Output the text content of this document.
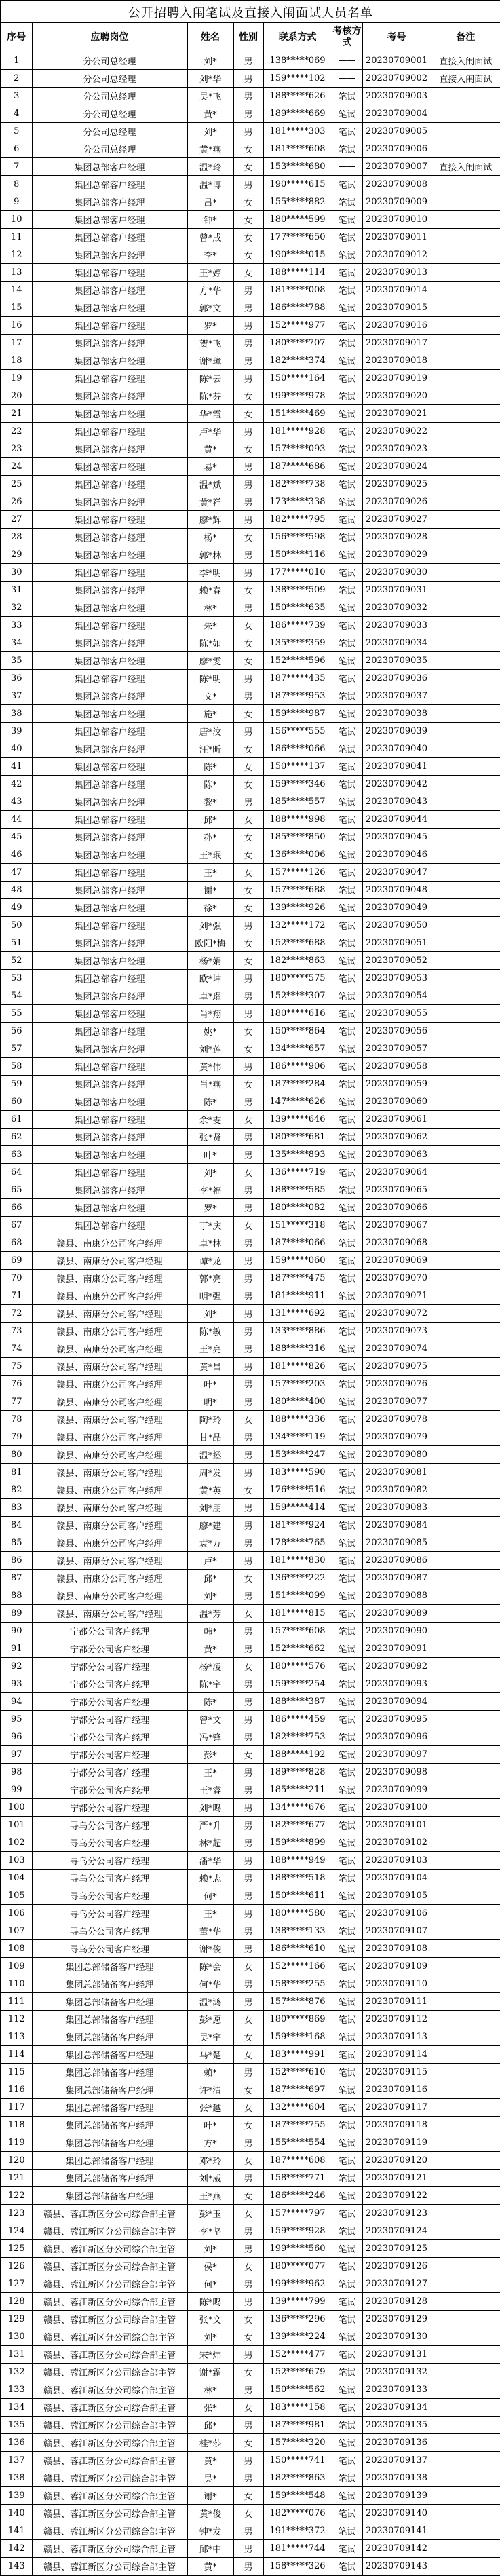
公开招聘入闱笔试及直接入闱面试人员名单							
序号	应聘岗位	姓名	性别	联系方式	考核方式	考号	备注
1	分公司总经理	刘*	男	138*****069	——	20230709001	直接入闱面试
2	分公司总经理	刘*华	男	159*****102	——	20230709002	直接入闱面试
3	分公司总经理	吴*飞	男	188*****626	笔试	20230709003	
4	分公司总经理	黄*	男	189*****669	笔试	20230709004	
5	分公司总经理	刘*	男	181*****303	笔试	20230709005	
6	分公司总经理	黄*燕	女	181*****608	笔试	20230709006	
7	集团总部客户经理	温*玲	女	153*****680	——	20230709007	直接入闱面试
8	集团总部客户经理	温*博	男	190*****615	笔试	20230709008	
9	集团总部客户经理	吕*	女	155*****882	笔试	20230709009	
10	集团总部客户经理	钟*	女	180*****599	笔试	20230709010	
11	集团总部客户经理	曾*成	女	177*****650	笔试	20230709011	
12	集团总部客户经理	李*	女	190*****015	笔试	20230709012	
13	集团总部客户经理	王*婷	女	188*****114	笔试	20230709013	
14	集团总部客户经理	方*华	男	181*****008	笔试	20230709014	
15	集团总部客户经理	郭*文	男	186*****788	笔试	20230709015	
16	集团总部客户经理	罗*	男	152*****977	笔试	20230709016	
17	集团总部客户经理	贺*飞	男	180*****707	笔试	20230709017	
18	集团总部客户经理	谢*璋	男	182*****374	笔试	20230709018	
19	集团总部客户经理	陈*云	男	150*****164	笔试	20230709019	
20	集团总部客户经理	陈*芬	女	199*****978	笔试	20230709020	
21	集团总部客户经理	华*霞	女	151*****469	笔试	20230709021	
22	集团总部客户经理	卢*华	男	181*****928	笔试	20230709022	
23	集团总部客户经理	黄*	女	157*****093	笔试	20230709023	
24	集团总部客户经理	易*	男	187*****686	笔试	20230709024	
25	集团总部客户经理	温*斌	男	182*****738	笔试	20230709025	
26	集团总部客户经理	黄*祥	男	173*****338	笔试	20230709026	
27	集团总部客户经理	廖*辉	男	182*****795	笔试	20230709027	
28	集团总部客户经理	杨*	女	156*****598	笔试	20230709028	
29	集团总部客户经理	郭*林	男	150*****116	笔试	20230709029	
30	集团总部客户经理	李*明	男	177*****010	笔试	20230709030	
31	集团总部客户经理	赖*春	女	138*****509	笔试	20230709031	
32	集团总部客户经理	林*	男	150*****635	笔试	20230709032	
33	集团总部客户经理	朱*	女	186*****739	笔试	20230709033	
34	集团总部客户经理	陈*如	女	135*****359	笔试	20230709034	
35	集团总部客户经理	廖*雯	女	152*****596	笔试	20230709035	
36	集团总部客户经理	陈*明	男	187*****435	笔试	20230709036	
37	集团总部客户经理	文*	男	187*****953	笔试	20230709037	
38	集团总部客户经理	施*	女	159*****987	笔试	20230709038	
39	集团总部客户经理	唐*汶	男	156*****555	笔试	20230709039	
40	集团总部客户经理	汪*昕	女	186*****066	笔试	20230709040	
41	集团总部客户经理	陈*	女	150*****137	笔试	20230709041	
42	集团总部客户经理	陈*	女	159*****346	笔试	20230709042	
43	集团总部客户经理	黎*	男	185*****557	笔试	20230709043	
44	集团总部客户经理	邱*	女	188*****998	笔试	20230709044	
45	集团总部客户经理	孙*	女	185*****850	笔试	20230709045	
46	集团总部客户经理	王*珉	女	136*****006	笔试	20230709046	
47	集团总部客户经理	王*	女	157*****126	笔试	20230709047	
48	集团总部客户经理	谢*	女	157*****688	笔试	20230709048	
49	集团总部客户经理	徐*	女	139*****926	笔试	20230709049	
50	集团总部客户经理	刘*强	男	132*****172	笔试	20230709050	
51	集团总部客户经理	欧阳*梅	女	152*****688	笔试	20230709051	
52	集团总部客户经理	杨*娟	女	182*****863	笔试	20230709052	
53	集团总部客户经理	欧*坤	男	180*****575	笔试	20230709053	
54	集团总部客户经理	卓*璟	男	152*****307	笔试	20230709054	
55	集团总部客户经理	肖*翔	男	180*****616	笔试	20230709055	
56	集团总部客户经理	姚*	女	150*****864	笔试	20230709056	
57	集团总部客户经理	刘*莲	女	134*****657	笔试	20230709057	
58	集团总部客户经理	黄*伟	男	186*****906	笔试	20230709058	
59	集团总部客户经理	肖*燕	女	187*****284	笔试	20230709059	
60	集团总部客户经理	陈*	男	147*****626	笔试	20230709060	
61	集团总部客户经理	余*雯	女	139*****646	笔试	20230709061	
62	集团总部客户经理	张*贤	男	180*****681	笔试	20230709062	
63	集团总部客户经理	叶*	男	135*****893	笔试	20230709063	
64	集团总部客户经理	刘*	女	136*****719	笔试	20230709064	
65	集团总部客户经理	李*福	男	188*****585	笔试	20230709065	
66	集团总部客户经理	罗*	男	180*****082	笔试	20230709066	
67	集团总部客户经理	丁*庆	女	151*****318	笔试	20230709067	
68	赣县、南康分公司客户经理	卓*林	男	187*****066	笔试	20230709068	
69	赣县、南康分公司客户经理	谭*龙	男	159*****060	笔试	20230709069	
70	赣县、南康分公司客户经理	郭*亮	男	187*****475	笔试	20230709070	
71	赣县、南康分公司客户经理	明*强	男	181*****911	笔试	20230709071	
72	赣县、南康分公司客户经理	刘*	男	131*****692	笔试	20230709072	
73	赣县、南康分公司客户经理	陈*敏	男	133*****886	笔试	20230709073	
74	赣县、南康分公司客户经理	王*亮	男	188*****316	笔试	20230709074	
75	赣县、南康分公司客户经理	黄*昌	男	181*****826	笔试	20230709075	
76	赣县、南康分公司客户经理	叶*	男	157*****203	笔试	20230709076	
77	赣县、南康分公司客户经理	明*	男	180*****400	笔试	20230709077	
78	赣县、南康分公司客户经理	陶*玲	女	188*****336	笔试	20230709078	
79	赣县、南康分公司客户经理	甘*晶	男	134*****119	笔试	20230709079	
80	赣县、南康分公司客户经理	温*拯	男	153*****247	笔试	20230709080	
81	赣县、南康分公司客户经理	周*发	男	183*****590	笔试	20230709081	
82	赣县、南康分公司客户经理	黄*英	女	176*****516	笔试	20230709082	
83	赣县、南康分公司客户经理	刘*朋	男	159*****414	笔试	20230709083	
84	赣县、南康分公司客户经理	廖*建	男	181*****924	笔试	20230709084	
85	赣县、南康分公司客户经理	袁*万	男	178*****765	笔试	20230709085	
86	赣县、南康分公司客户经理	卢*	男	181*****830	笔试	20230709086	
87	赣县、南康分公司客户经理	邱*	女	136*****222	笔试	20230709087	
88	赣县、南康分公司客户经理	刘*	男	151*****099	笔试	20230709088	
89	赣县、南康分公司客户经理	温*芳	女	181*****815	笔试	20230709089	
90	宁都分公司客户经理	韩*	男	157*****608	笔试	20230709090	
91	宁都分公司客户经理	黄*	男	152*****662	笔试	20230709091	
92	宁都分公司客户经理	杨*凌	女	180*****576	笔试	20230709092	
93	宁都分公司客户经理	陈*宇	男	159*****254	笔试	20230709093	
94	宁都分公司客户经理	陈*	男	188*****387	笔试	20230709094	
95	宁都分公司客户经理	曾*文	男	186*****459	笔试	20230709095	
96	宁都分公司客户经理	冯*锋	男	182*****753	笔试	20230709096	
97	宁都分公司客户经理	彭*	女	188*****192	笔试	20230709097	
98	宁都分公司客户经理	王*	男	189*****828	笔试	20230709098	
99	宁都分公司客户经理	王*睿	男	185*****211	笔试	20230709099	
100	宁都分公司客户经理	刘*鸣	男	134*****676	笔试	20230709100	
101	寻乌分公司客户经理	严*升	男	182*****677	笔试	20230709101	
102	寻乌分公司客户经理	林*超	男	159*****899	笔试	20230709102	
103	寻乌分公司客户经理	潘*华	男	188*****949	笔试	20230709103	
104	寻乌分公司客户经理	赖*志	男	188*****518	笔试	20230709104	
105	寻乌分公司客户经理	何*	男	150*****611	笔试	20230709105	
106	寻乌分公司客户经理	王*	男	180*****580	笔试	20230709106	
107	寻乌分公司客户经理	董*华	男	138*****133	笔试	20230709107	
108	寻乌分公司客户经理	谢*俊	男	186*****610	笔试	20230709108	
109	集团总部储备客户经理	陈*会	女	152*****166	笔试	20230709109	
110	集团总部储备客户经理	何*华	男	158*****255	笔试	20230709110	
111	集团总部储备客户经理	温*鸿	男	157*****876	笔试	20230709111	
112	集团总部储备客户经理	彭*愿	女	180*****869	笔试	20230709112	
113	集团总部储备客户经理	吴*宇	女	159*****168	笔试	20230709113	
114	集团总部储备客户经理	马*楚	女	183*****991	笔试	20230709114	
115	集团总部储备客户经理	赖*	男	152*****610	笔试	20230709115	
116	集团总部储备客户经理	许*清	女	187*****697	笔试	20230709116	
117	集团总部储备客户经理	张*越	女	132*****604	笔试	20230709117	
118	集团总部储备客户经理	叶*	女	187*****755	笔试	20230709118	
119	集团总部储备客户经理	方*	男	155*****554	笔试	20230709119	
120	集团总部储备客户经理	邓*玲	女	187*****608	笔试	20230709120	
121	集团总部储备客户经理	刘*威	男	158*****771	笔试	20230709121	
122	集团总部储备客户经理	王*燕	女	186*****246	笔试	20230709122	
123	赣县、蓉江新区分公司综合部主管	彭*玉	女	157*****797	笔试	20230709123	
124	赣县、蓉江新区分公司综合部主管	李*坚	男	159*****928	笔试	20230709124	
125	赣县、蓉江新区分公司综合部主管	刘*	男	199*****560	笔试	20230709125	
126	赣县、蓉江新区分公司综合部主管	侯*	女	180*****077	笔试	20230709126	
127	赣县、蓉江新区分公司综合部主管	何*	男	199*****962	笔试	20230709127	
128	赣县、蓉江新区分公司综合部主管	陈*鸣	男	139*****799	笔试	20230709128	
129	赣县、蓉江新区分公司综合部主管	张*文	女	136*****296	笔试	20230709129	
130	赣县、蓉江新区分公司综合部主管	刘*	女	139*****224	笔试	20230709130	
131	赣县、蓉江新区分公司综合部主管	宋*炜	男	152*****477	笔试	20230709131	
132	赣县、蓉江新区分公司综合部主管	谢*霜	女	152*****679	笔试	20230709132	
133	赣县、蓉江新区分公司综合部主管	林*	男	150*****562	笔试	20230709133	
134	赣县、蓉江新区分公司综合部主管	张*	女	183*****158	笔试	20230709134	
135	赣县、蓉江新区分公司综合部主管	邱*	男	187*****981	笔试	20230709135	
136	赣县、蓉江新区分公司综合部主管	桂*莎	女	157*****320	笔试	20230709136	
137	赣县、蓉江新区分公司综合部主管	黄*	男	150*****741	笔试	20230709137	
138	赣县、蓉江新区分公司综合部主管	吴*	男	182*****863	笔试	20230709138	
139	赣县、蓉江新区分公司综合部主管	谢*	女	159*****548	笔试	20230709139	
140	赣县、蓉江新区分公司综合部主管	黄*俊	女	182*****076	笔试	20230709140	
141	赣县、蓉江新区分公司综合部主管	钟*发	男	191*****372	笔试	20230709141	
142	赣县、蓉江新区分公司综合部主管	邱*中	男	181*****744	笔试	20230709142	
143	赣县、蓉江新区分公司综合部主管	黄*	男	158*****326	笔试	20230709143	
